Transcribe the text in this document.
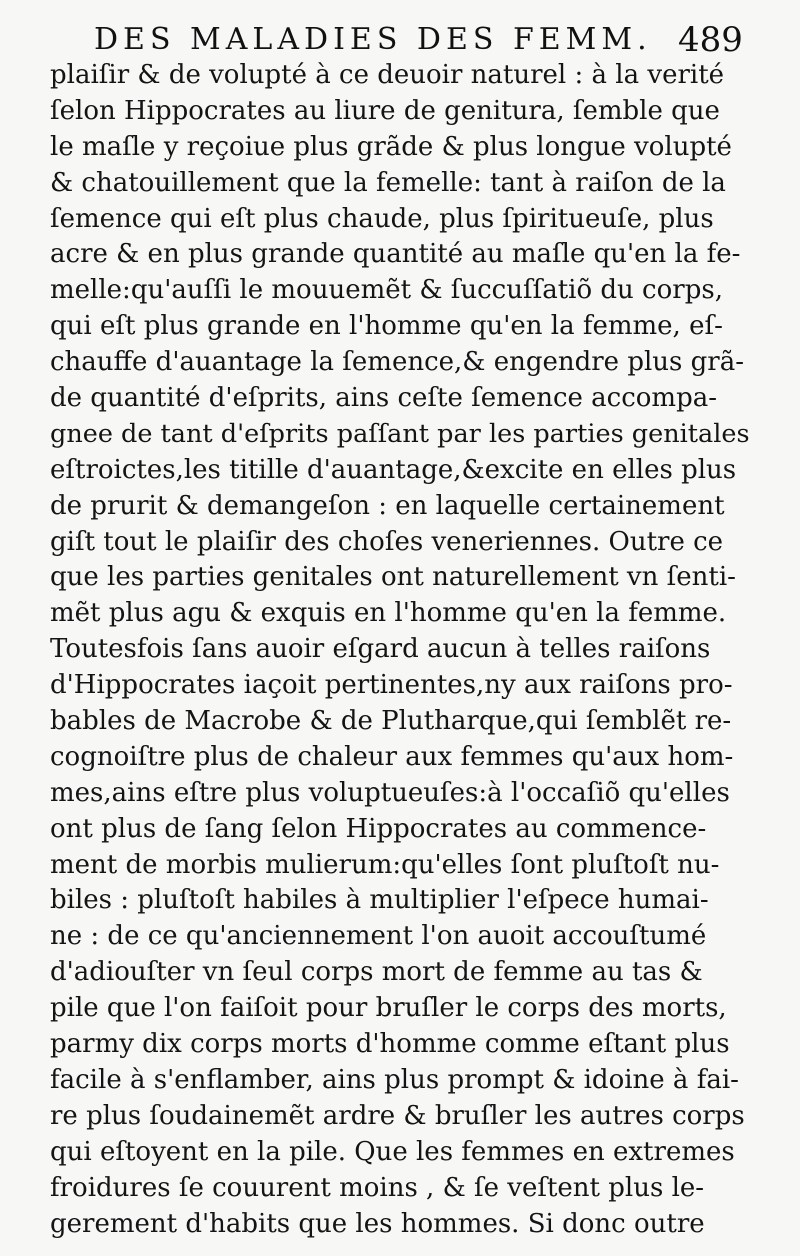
DES MALADIES DES FEMM. 489
plaiſir & de volupté à ce deuoir naturel : à la verité
ſelon Hippocrates au liure de genitura, ſemble que
le maſle y reçoiue plus grãde & plus longue volupté
& chatouillement que la femelle: tant à raiſon de la
ſemence qui eſt plus chaude, plus ſpiritueuſe, plus
acre & en plus grande quantité au maſle qu'en la fe-
melle:qu'auſſi le mouuemẽt & ſuccuſſatiõ du corps,
qui eſt plus grande en l'homme qu'en la femme, eſ-
chauffe d'auantage la ſemence,& engendre plus grã-
de quantité d'eſprits, ains ceſte ſemence accompa-
gnee de tant d'eſprits paſſant par les parties genitales
eſtroictes,les titille d'auantage,&excite en elles plus
de prurit & demangeſon : en laquelle certainement
giſt tout le plaiſir des choſes veneriennes. Outre ce
que les parties genitales ont naturellement vn ſenti-
mẽt plus agu & exquis en l'homme qu'en la femme.
Toutesfois ſans auoir eſgard aucun à telles raiſons
d'Hippocrates iaçoit pertinentes,ny aux raiſons pro-
bables de Macrobe & de Plutharque,qui ſemblẽt re-
cognoiſtre plus de chaleur aux femmes qu'aux hom-
mes,ains eſtre plus voluptueuſes:à l'occaſiõ qu'elles
ont plus de ſang ſelon Hippocrates au commence-
ment de morbis mulierum:qu'elles ſont pluſtoſt nu-
biles : pluſtoſt habiles à multiplier l'eſpece humai-
ne : de ce qu'anciennement l'on auoit accouſtumé
d'adiouſter vn ſeul corps mort de femme au tas &
pile que l'on faiſoit pour bruſler le corps des morts,
parmy dix corps morts d'homme comme eſtant plus
facile à s'enflamber, ains plus prompt & idoine à fai-
re plus ſoudainemẽt ardre & bruſler les autres corps
qui eſtoyent en la pile. Que les femmes en extremes
froidures ſe couurent moins , & ſe veſtent plus le-
gerement d'habits que les hommes. Si donc outre
